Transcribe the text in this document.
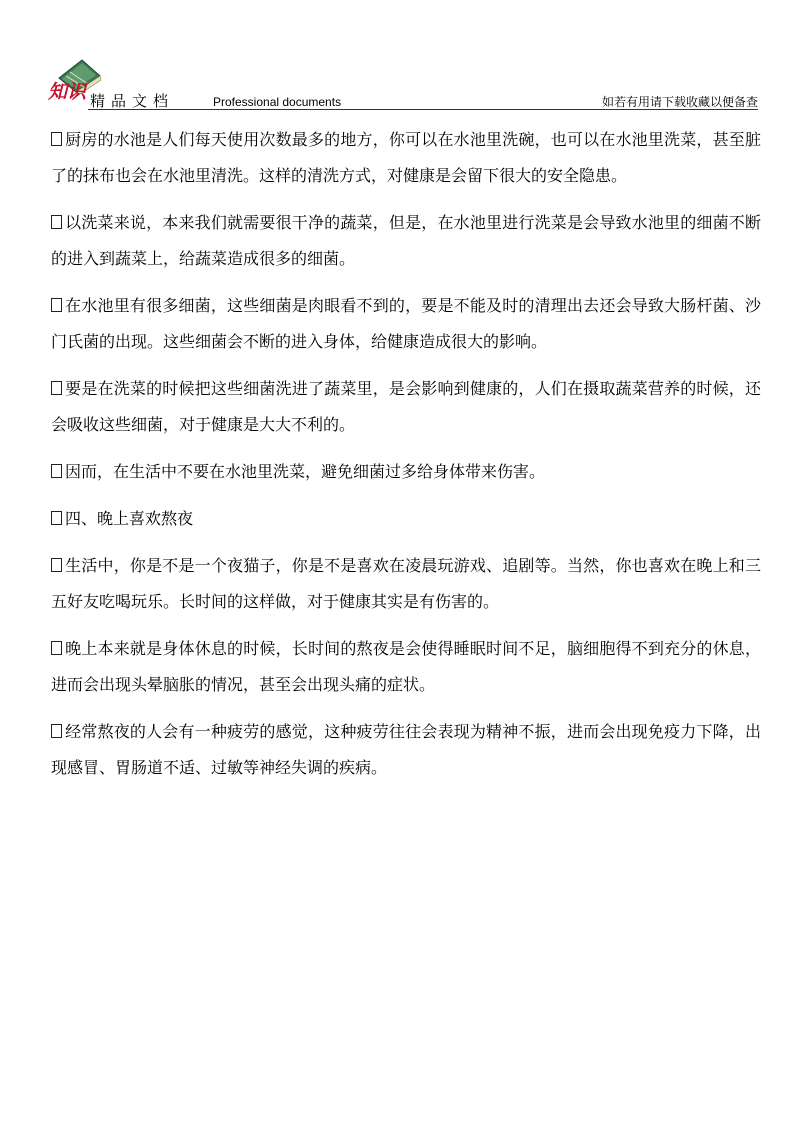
知识 精品文档	Professional documents	如若有用请下载收藏以便备查

厨房的水池是人们每天使用次数最多的地方，你可以在水池里洗碗，也可以在水池里洗菜，甚至脏了的抹布也会在水池里清洗。这样的清洗方式，对健康是会留下很大的安全隐患。

以洗菜来说，本来我们就需要很干净的蔬菜，但是，在水池里进行洗菜是会导致水池里的细菌不断的进入到蔬菜上，给蔬菜造成很多的细菌。

在水池里有很多细菌，这些细菌是肉眼看不到的，要是不能及时的清理出去还会导致大肠杆菌、沙门氏菌的出现。这些细菌会不断的进入身体，给健康造成很大的影响。

要是在洗菜的时候把这些细菌洗进了蔬菜里，是会影响到健康的，人们在摄取蔬菜营养的时候，还会吸收这些细菌，对于健康是大大不利的。

因而，在生活中不要在水池里洗菜，避免细菌过多给身体带来伤害。

四、晚上喜欢熬夜

生活中，你是不是一个夜猫子，你是不是喜欢在凌晨玩游戏、追剧等。当然，你也喜欢在晚上和三五好友吃喝玩乐。长时间的这样做，对于健康其实是有伤害的。

晚上本来就是身体休息的时候，长时间的熬夜是会使得睡眠时间不足，脑细胞得不到充分的休息，进而会出现头晕脑胀的情况，甚至会出现头痛的症状。

经常熬夜的人会有一种疲劳的感觉，这种疲劳往往会表现为精神不振，进而会出现免疫力下降，出现感冒、胃肠道不适、过敏等神经失调的疾病。
